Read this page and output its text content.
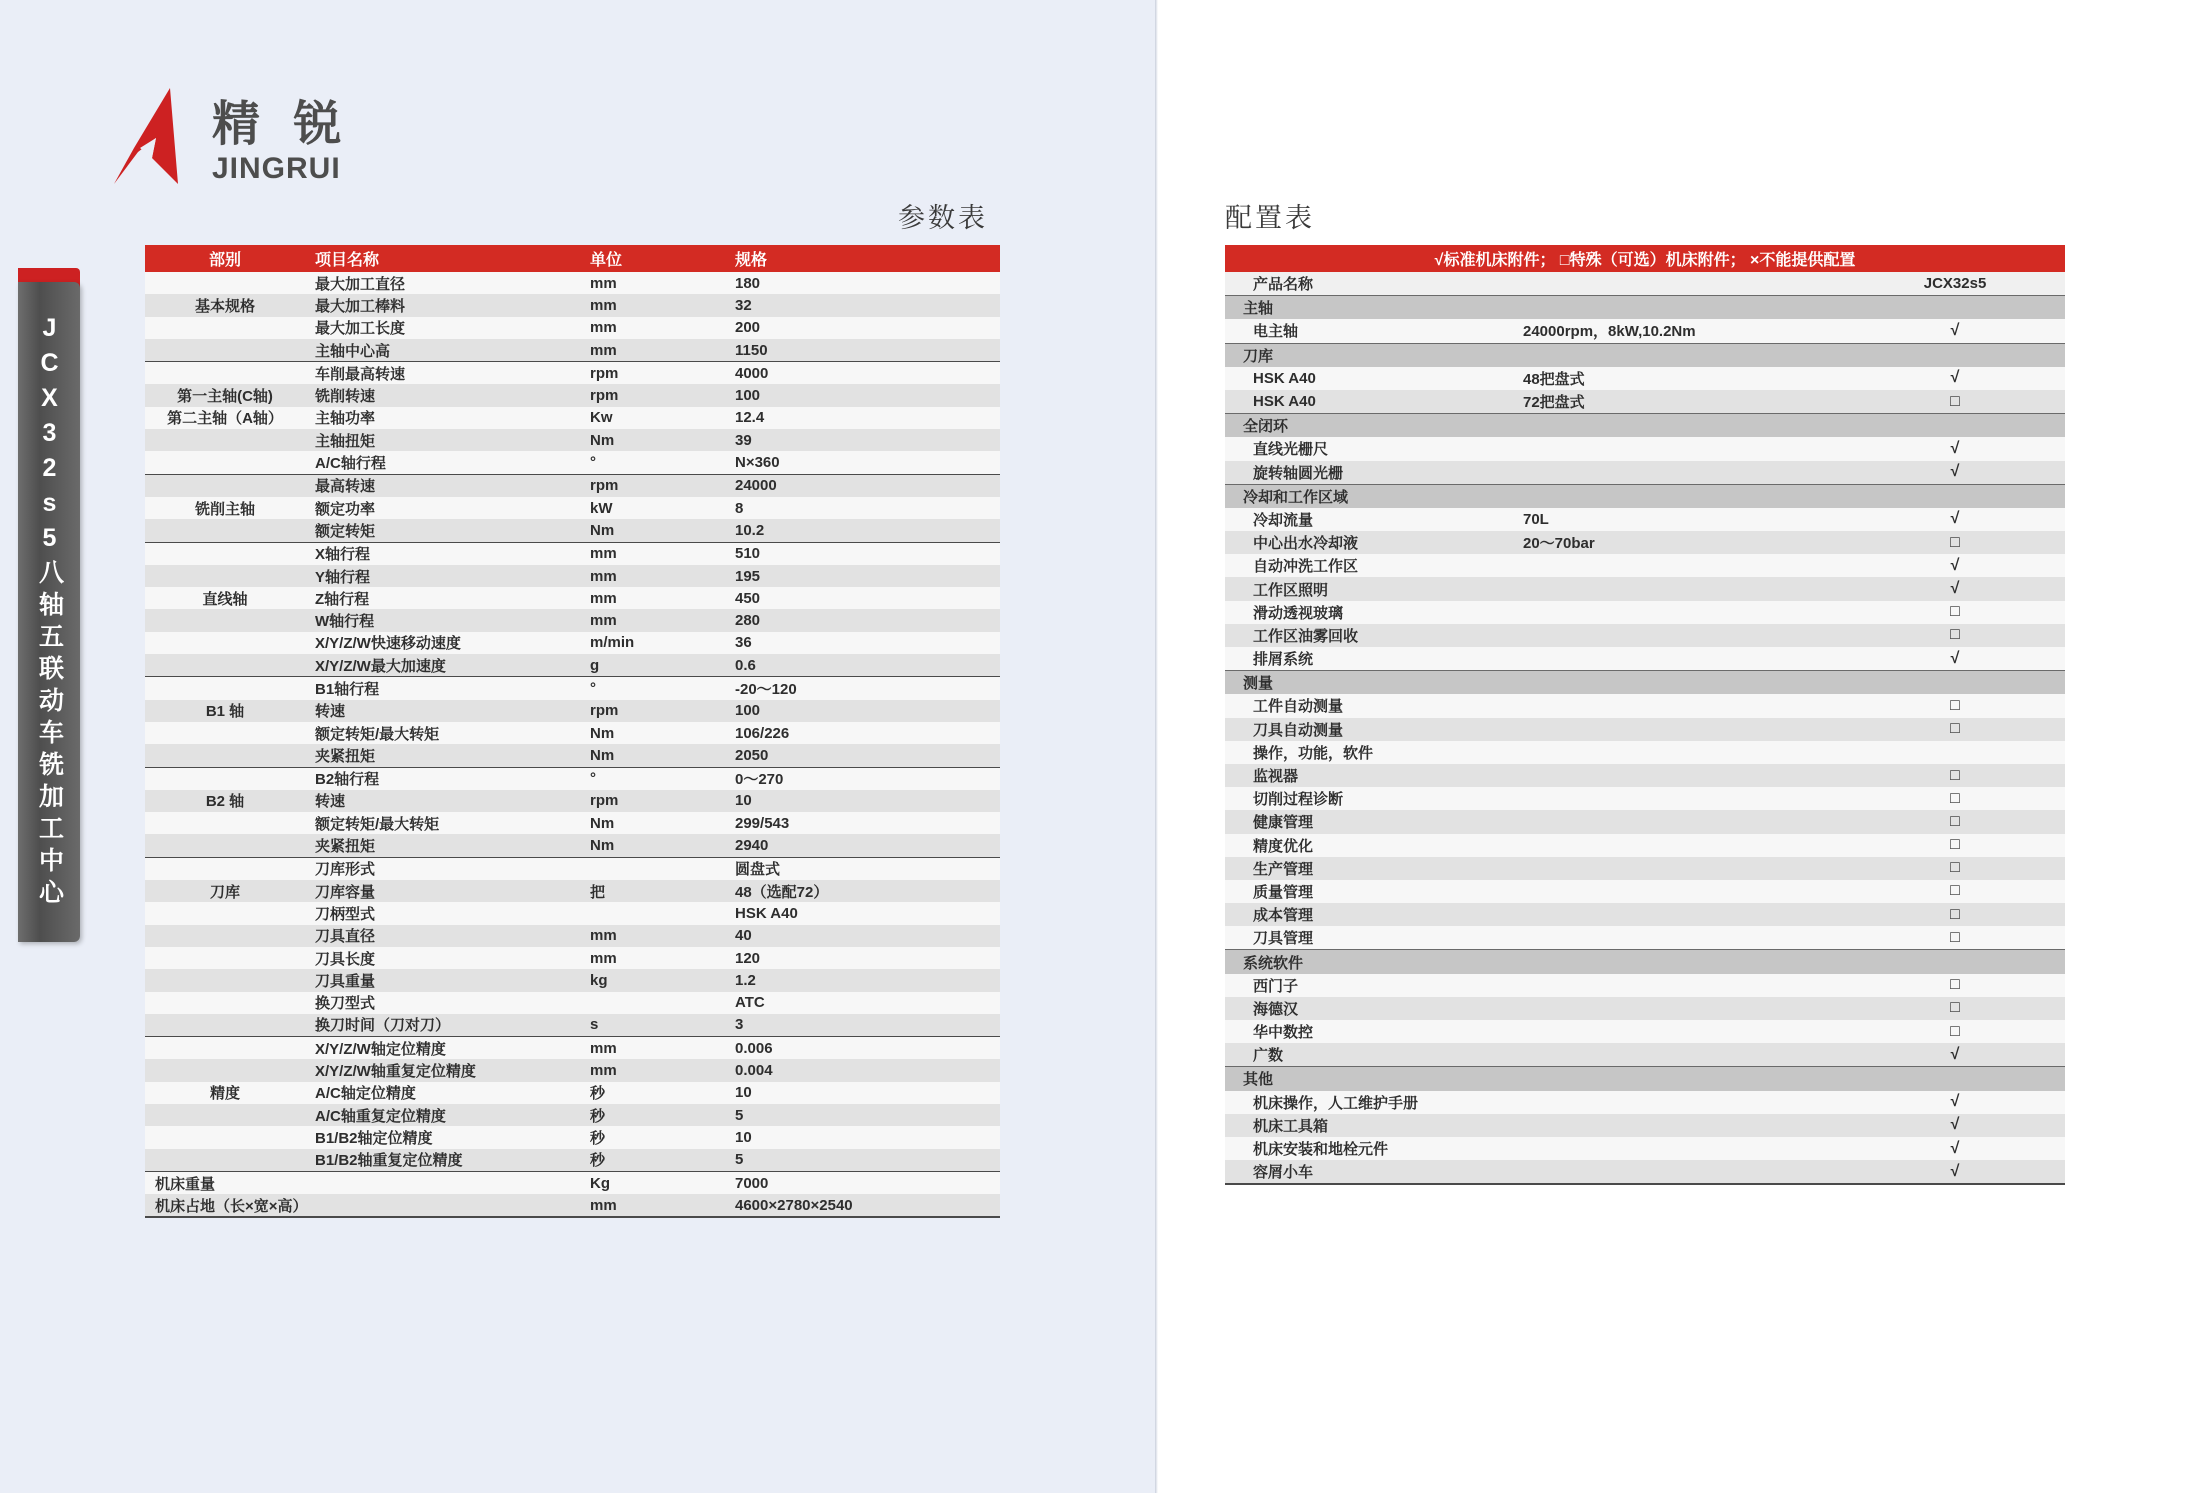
JCX32s5八轴五联动车铣加工中心
精 锐
JINGRUI
参数表	配置表
部别	项目名称	单位	规格
	最大加工直径	mm	180
基本规格	最大加工棒料	mm	32
	最大加工长度	mm	200
	主轴中心高	mm	1150
	车削最高转速	rpm	4000
第一主轴(C轴)	铣削转速	rpm	100
第二主轴（A轴）	主轴功率	Kw	12.4
	主轴扭矩	Nm	39
	A/C轴行程	°	N×360
	最高转速	rpm	24000
铣削主轴	额定功率	kW	8
	额定转矩	Nm	10.2
	X轴行程	mm	510
	Y轴行程	mm	195
直线轴	Z轴行程	mm	450
	W轴行程	mm	280
	X/Y/Z/W快速移动速度	m/min	36
	X/Y/Z/W最大加速度	g	0.6
	B1轴行程	°	-20～120
B1 轴	转速	rpm	100
	额定转矩/最大转矩	Nm	106/226
	夹紧扭矩	Nm	2050
	B2轴行程	°	0～270
B2 轴	转速	rpm	10
	额定转矩/最大转矩	Nm	299/543
	夹紧扭矩	Nm	2940
	刀库形式		圆盘式
刀库	刀库容量	把	48（选配72）
	刀柄型式		HSK A40
	刀具直径	mm	40
	刀具长度	mm	120
	刀具重量	kg	1.2
	换刀型式		ATC
	换刀时间（刀对刀）	s	3
	X/Y/Z/W轴定位精度	mm	0.006
	X/Y/Z/W轴重复定位精度	mm	0.004
精度	A/C轴定位精度	秒	10
	A/C轴重复定位精度	秒	5
	B1/B2轴定位精度	秒	10
	B1/B2轴重复定位精度	秒	5
机床重量		Kg	7000
机床占地（长×宽×高）		mm	4600×2780×2540
√标准机床附件； □特殊（可选）机床附件； ×不能提供配置		
产品名称		JCX32s5
主轴		
电主轴	24000rpm，8kW,10.2Nm	√
刀库		
HSK A40	48把盘式	√
HSK A40	72把盘式	□
全闭环		
直线光栅尺		√
旋转轴圆光栅		√
冷却和工作区域		
冷却流量	70L	√
中心出水冷却液	20～70bar	□
自动冲洗工作区		√
工作区照明		√
滑动透视玻璃		□
工作区油雾回收		□
排屑系统		√
测量		
工件自动测量		□
刀具自动测量		□
操作，功能，软件		
监视器		□
切削过程诊断		□
健康管理		□
精度优化		□
生产管理		□
质量管理		□
成本管理		□
刀具管理		□
系统软件		
西门子		□
海德汉		□
华中数控		□
广数		√
其他		
机床操作，人工维护手册		√
机床工具箱		√
机床安装和地栓元件		√
容屑小车		√
